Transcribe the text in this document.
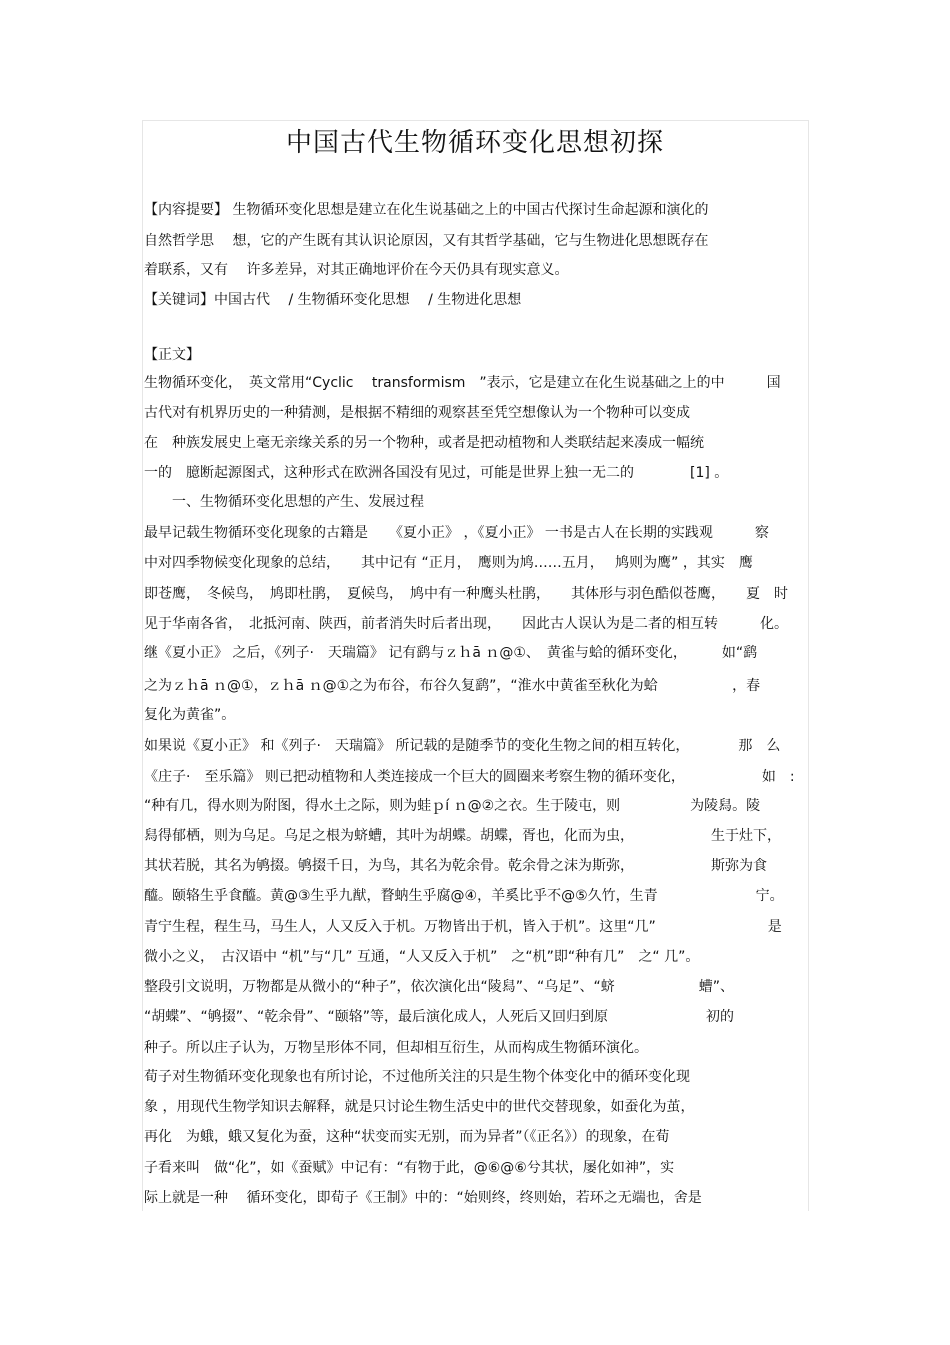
中国古代生物循环变化思想初探
【内容提要】 生物循环变化思想是建立在化生说基础之上的中国古代探讨生命起源和演化的
自然哲学思　 想，它的产生既有其认识论原因，又有其哲学基础，它与生物进化思想既存在
着联系，又有　 许多差异，对其正确地评价在今天仍具有现实意义。
【关键词】中国古代　 / 生物循环变化思想　 / 生物进化思想
【正文】
生物循环变化，　英文常用“Cyclic　 transformism　”表示，它是建立在化生说基础之上的中　　　国
古代对有机界历史的一种猜测，是根据不精细的观察甚至凭空想像认为一个物种可以变成
在　种族发展史上毫无亲缘关系的另一个物种，或者是把动植物和人类联结起来凑成一幅统
一的　臆断起源图式，这种形式在欧洲各国没有见过，可能是世界上独一无二的　　　　[1] 。
　　一、生物循环变化思想的产生、发展过程
最早记载生物循环变化现象的古籍是　　《夏小正》 ，《夏小正》 一书是古人在长期的实践观　　　察
中对四季物候变化现象的总结，　　其中记有 “正月，　鹰则为鸠……五月，　 鸠则为鹰” ，其实　鹰
即苍鹰，　冬候鸟，　鸠即杜鹃，　夏候鸟，　鸠中有一种鹰头杜鹃，　　其体形与羽色酷似苍鹰，　　夏　时
见于华南各省，　北抵河南、陕西，前者消失时后者出现，　　因此古人误认为是二者的相互转　　　化。
继《夏小正》 之后，《列子·　天瑞篇》 记有鹞与ｚｈā ｎ@①、　黄雀与蛤的循环变化，　　　如“鹞
之为ｚｈā ｎ@①，ｚｈā ｎ@①之为布谷，布谷久复鹞”，“淮水中黄雀至秋化为蛤　　　　　 ，春
复化为黄雀”。
如果说《夏小正》 和《列子·　天瑞篇》 所记载的是随季节的变化生物之间的相互转化，　　　　那　么
《庄子·　至乐篇》 则已把动植物和人类连接成一个巨大的圆圈来考察生物的循环变化，　　　　　　如　:
“种有几，得水则为附图，得水土之际，则为蛙ｐí ｎ@②之衣。生于陵屯，则　　　　　为陵舄。陵
舄得郁栖，则为乌足。乌足之根为蛴螬，其叶为胡蝶。胡蝶，胥也，化而为虫，　　　　　　生于灶下，
其状若脱，其名为鸲掇。鸲掇千日，为鸟，其名为乾余骨。乾余骨之沫为斯弥，　　　　　　斯弥为食
醯。颐辂生乎食醯。黄@③生乎九猷，瞀蚋生乎腐@④，羊奚比乎不@⑤久竹，生青　　　　　　　宁。
青宁生程，程生马，马生人，人又反入于机。万物皆出于机，皆入于机”。这里“几”　　　　　　　　是
微小之义，　古汉语中 “机”与“几” 互通，“人又反入于机”　之“机”即“种有几”　之“ 几”。
整段引文说明，万物都是从微小的“种子”，依次演化出“陵舄”、“乌足”、“蛴　　　　　　螬”、
“胡蝶”、“鸲掇”、“乾余骨”、“颐辂”等，最后演化成人，人死后又回归到原　　　　　　　初的
种子。所以庄子认为，万物呈形体不同，但却相互衍生，从而构成生物循环演化。
荀子对生物循环变化现象也有所讨论，不过他所关注的只是生物个体变化中的循环变化现
象 ，用现代生物学知识去解释，就是只讨论生物生活史中的世代交替现象，如蚕化为茧，
再化　为蛾，蛾又复化为蚕，这种“状变而实无别，而为异者”（《正名》）的现象，在荀
子看来叫　做“化”，如《蚕赋》中记有：“有物于此，@⑥@⑥兮其状，屡化如神”，实
际上就是一种　 循环变化，即荀子《王制》中的：“始则终，终则始，若环之无端也，舍是
